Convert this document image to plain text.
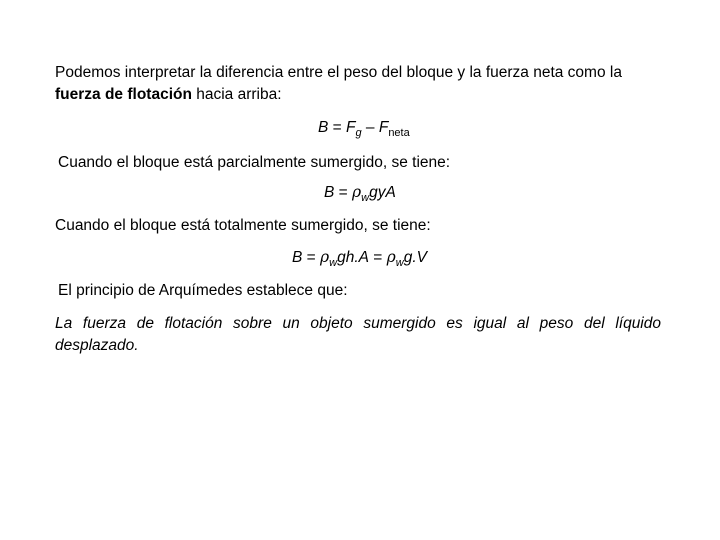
Podemos interpretar la diferencia entre el peso del bloque y la fuerza neta como la fuerza de flotación hacia arriba:

$B = F_g - F_{neta}$

Cuando el bloque está parcialmente sumergido, se tiene:

$B = \rho_wgyA$

Cuando el bloque está totalmente sumergido, se tiene:

$B = \rho_wgh.A = \rho_wg.V$

El principio de Arquímedes establece que:

La fuerza de flotación sobre un objeto sumergido es igual al peso del líquido desplazado.
